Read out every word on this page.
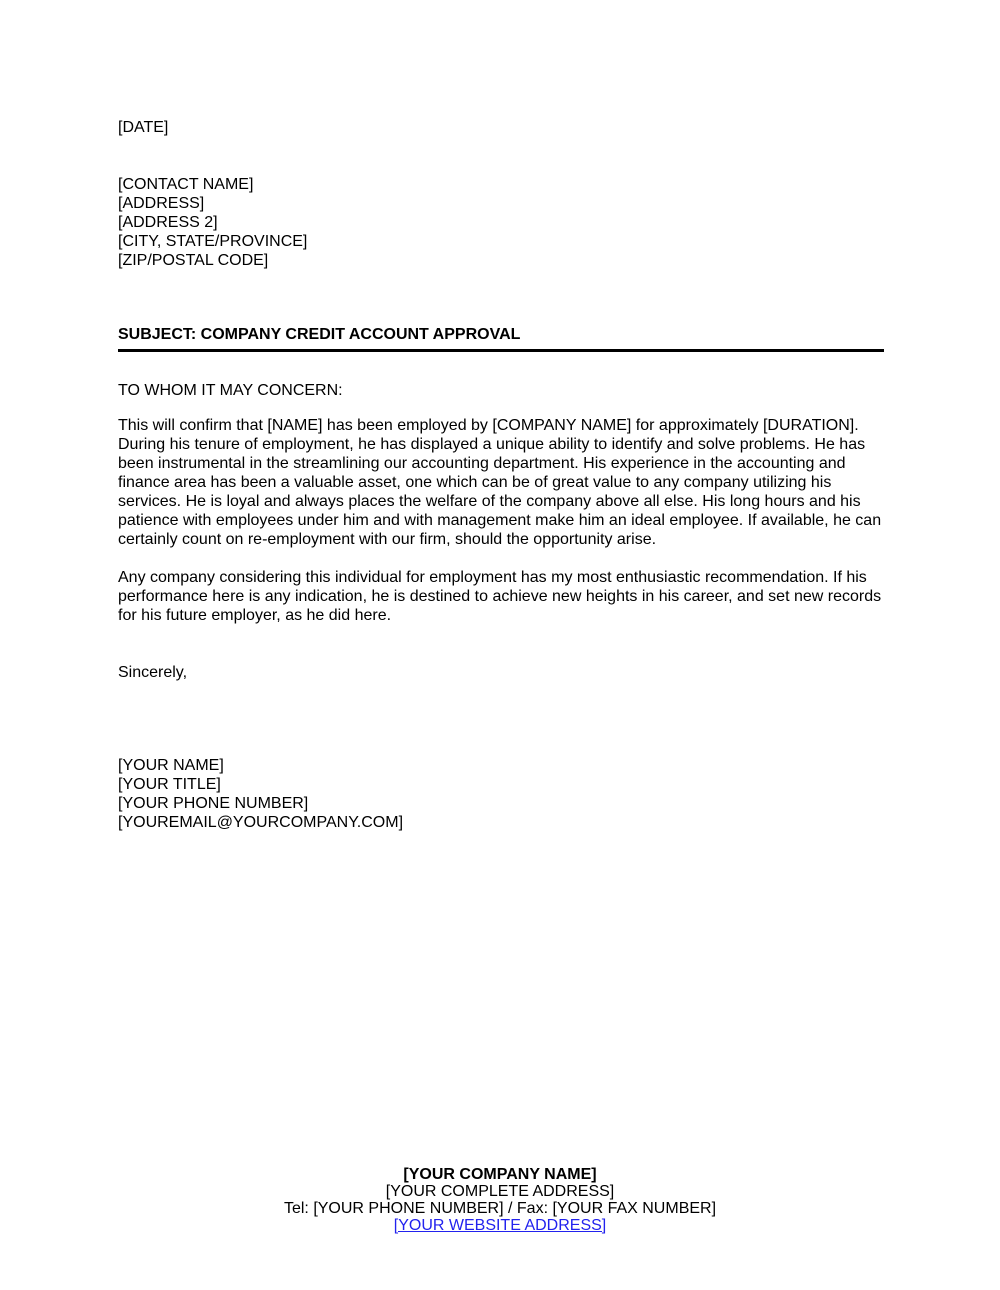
[DATE]
[CONTACT NAME]
[ADDRESS]
[ADDRESS 2]
[CITY, STATE/PROVINCE]
[ZIP/POSTAL CODE]
SUBJECT: COMPANY CREDIT ACCOUNT APPROVAL
TO WHOM IT MAY CONCERN:

This will confirm that [NAME] has been employed by [COMPANY NAME] for approximately [DURATION]. During his tenure of employment, he has displayed a unique ability to identify and solve problems. He has been instrumental in the streamlining our accounting department. His experience in the accounting and finance area has been a valuable asset, one which can be of great value to any company utilizing his services. He is loyal and always places the welfare of the company above all else. His long hours and his patience with employees under him and with management make him an ideal employee. If available, he can certainly count on re-employment with our firm, should the opportunity arise.

Any company considering this individual for employment has my most enthusiastic recommendation. If his performance here is any indication, he is destined to achieve new heights in his career, and set new records for his future employer, as he did here.

Sincerely,
[YOUR NAME]
[YOUR TITLE]
[YOUR PHONE NUMBER]
[YOUREMAIL@YOURCOMPANY.COM]
[YOUR COMPANY NAME]
[YOUR COMPLETE ADDRESS]
Tel: [YOUR PHONE NUMBER] / Fax: [YOUR FAX NUMBER]
[YOUR WEBSITE ADDRESS]
